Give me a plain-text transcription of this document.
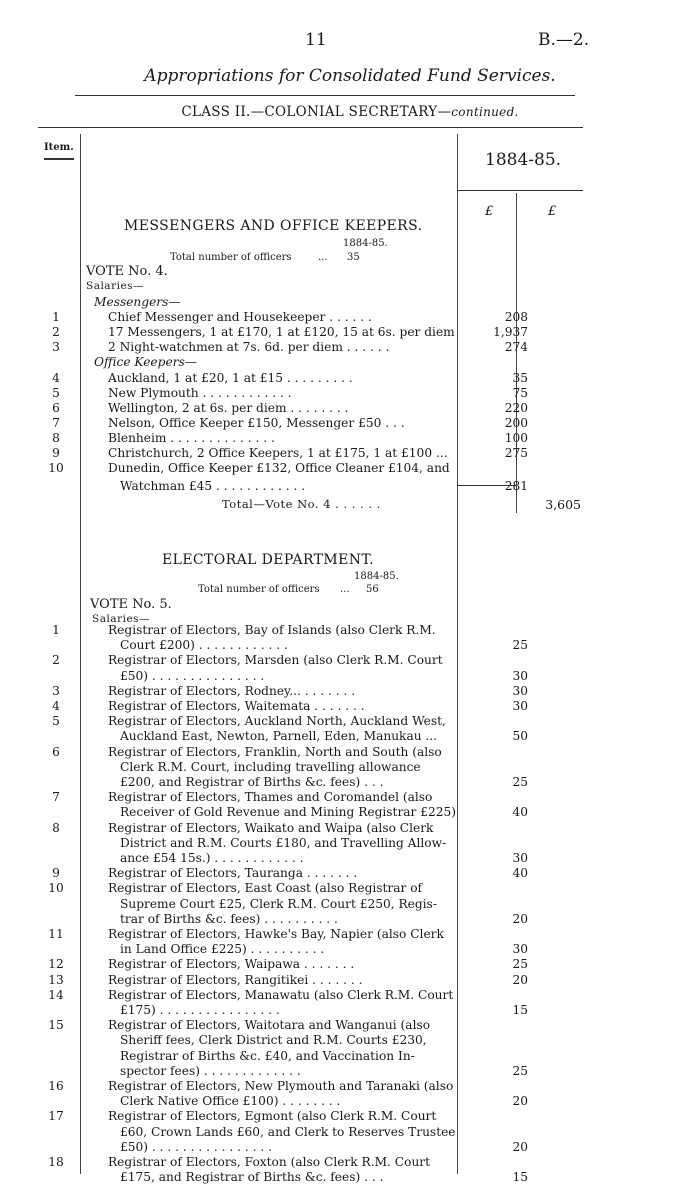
11	B.—2.
Appropriations for Consolidated Fund Services.
CLASS II.—COLONIAL SECRETARY—continued.
Item.
1884-85.
£	£
MESSENGERS AND OFFICE KEEPERS.
1884-85.
Total number of officers	... 35
VOTE No. 4.
Salaries—
Messengers—
1	Chief Messenger and Housekeeper . . . . . .	208
2	17 Messengers, 1 at £170, 1 at £120, 15 at 6s. per diem	1,937
3	2 Night-watchmen at 7s. 6d. per diem . . . . . .	274
Office Keepers—
4	Auckland, 1 at £20, 1 at £15 . . . . . . . . .	35
5	New Plymouth . . . . . . . . . . . .	75
6	Wellington, 2 at 6s. per diem . . . . . . . .	220
7	Nelson, Office Keeper £150, Messenger £50 . . .	200
8	Blenheim . . . . . . . . . . . . . .	100
9	Christchurch, 2 Office Keepers, 1 at £175, 1 at £100 ...	275
10	Dunedin, Office Keeper £132, Office Cleaner £104, and
Watchman £45 . . . . . . . . . . . .	281
Total—Vote No. 4 . . . . . .	3,605
ELECTORAL DEPARTMENT.
1884-85.
Total number of officers ... 56
VOTE No. 5.
Salaries—
1	Registrar of Electors, Bay of Islands (also Clerk R.M.
Court £200) . . . . . . . . . . . .	25
2	Registrar of Electors, Marsden (also Clerk R.M. Court
£50) . . . . . . . . . . . . . . .	30
3	Registrar of Electors, Rodney... . . . . . . .	30
4	Registrar of Electors, Waitemata . . . . . . .	30
5	Registrar of Electors, Auckland North, Auckland West,
Auckland East, Newton, Parnell, Eden, Manukau ...	50
6	Registrar of Electors, Franklin, North and South (also
Clerk R.M. Court, including travelling allowance
£200, and Registrar of Births &c. fees) . . .	25
7	Registrar of Electors, Thames and Coromandel (also
Receiver of Gold Revenue and Mining Registrar £225)	40
8	Registrar of Electors, Waikato and Waipa (also Clerk
District and R.M. Courts £180, and Travelling Allow-
ance £54 15s.) . . . . . . . . . . . .	30
9	Registrar of Electors, Tauranga . . . . . . .	40
10	Registrar of Electors, East Coast (also Registrar of
Supreme Court £25, Clerk R.M. Court £250, Regis-
trar of Births &c. fees) . . . . . . . . . .	20
11	Registrar of Electors, Hawke's Bay, Napier (also Clerk
in Land Office £225) . . . . . . . . . .	30
12	Registrar of Electors, Waipawa . . . . . . .	25
13	Registrar of Electors, Rangitikei . . . . . . .	20
14	Registrar of Electors, Manawatu (also Clerk R.M. Court
£175) . . . . . . . . . . . . . . . .	15
15	Registrar of Electors, Waitotara and Wanganui (also
Sheriff fees, Clerk District and R.M. Courts £230,
Registrar of Births &c. £40, and Vaccination In-
spector fees) . . . . . . . . . . . . .	25
16	Registrar of Electors, New Plymouth and Taranaki (also
Clerk Native Office £100) . . . . . . . .	20
17	Registrar of Electors, Egmont (also Clerk R.M. Court
£60, Crown Lands £60, and Clerk to Reserves Trustee
£50) . . . . . . . . . . . . . . . .	20
18	Registrar of Electors, Foxton (also Clerk R.M. Court
£175, and Registrar of Births &c. fees) . . .	15
